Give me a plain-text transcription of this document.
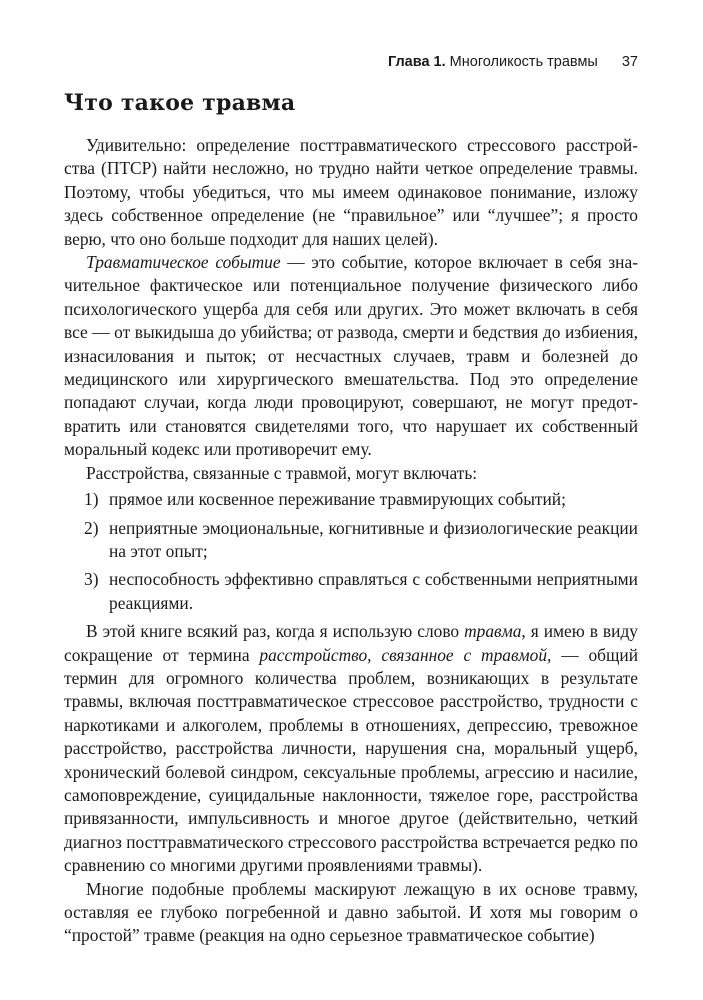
Глава 1. Многоликость травмы 37
Что такое травма

Удивительно: определение посттравматического стрессового расстройства (ПТСР) найти несложно, но трудно найти четкое определение травмы. Поэтому, чтобы убедиться, что мы имеем одинаковое понимание, изложу здесь собственное определение (не “правильное” или “лучшее”; я просто верю, что оно больше подходит для наших целей).

Травматическое событие — это событие, которое включает в себя значительное фактическое или потенциальное получение физического либо психологического ущерба для себя или других. Это может включать в себя все — от выкидыша до убийства; от развода, смерти и бедствия до избиения, изнасилования и пыток; от несчастных случаев, травм и болезней до медицинского или хирургического вмешательства. Под это определение попадают случаи, когда люди провоцируют, совершают, не могут предотвратить или становятся свидетелями того, что нарушает их собственный моральный кодекс или противоречит ему.

Расстройства, связанные с травмой, могут включать:

1) прямое или косвенное переживание травмирующих событий;
2) неприятные эмоциональные, когнитивные и физиологические реакции на этот опыт;
3) неспособность эффективно справляться с собственными неприятными реакциями.

В этой книге всякий раз, когда я использую слово травма, я имею в виду сокращение от термина расстройство, связанное с травмой, — общий термин для огромного количества проблем, возникающих в результате травмы, включая посттравматическое стрессовое расстройство, трудности с наркотиками и алкоголем, проблемы в отношениях, депрессию, тревожное расстройство, расстройства личности, нарушения сна, моральный ущерб, хронический болевой синдром, сексуальные проблемы, агрессию и насилие, самоповреждение, суицидальные наклонности, тяжелое горе, расстройства привязанности, импульсивность и многое другое (действительно, четкий диагноз посттравматического стрессового расстройства встречается редко по сравнению со многими другими проявлениями травмы).

Многие подобные проблемы маскируют лежащую в их основе травму, оставляя ее глубоко погребенной и давно забытой. И хотя мы говорим о “простой” травме (реакция на одно серьезное травматическое событие)
